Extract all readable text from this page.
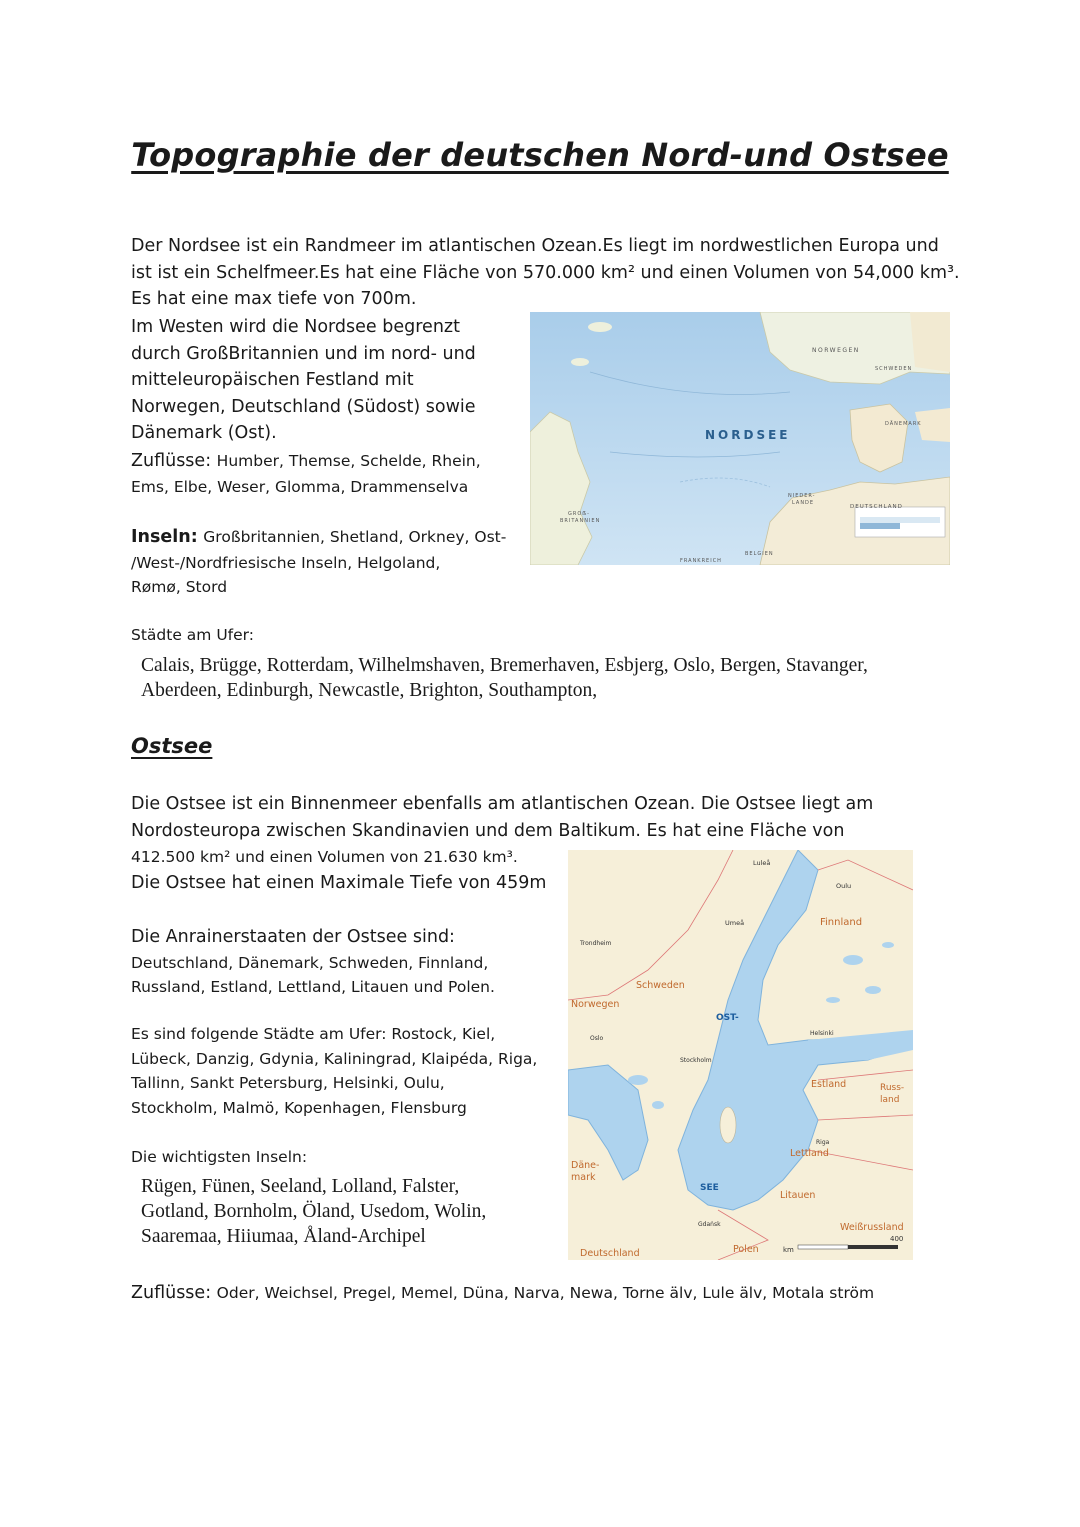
Topographie der deutschen Nord-und Ostsee
Der Nordsee ist ein Randmeer im atlantischen Ozean.Es liegt im nordwestlichen Europa und
ist ist ein Schelfmeer.Es hat eine Fläche von 570.000 km² und einen Volumen von 54,000 km³.
Es hat eine max tiefe von 700m.
Im Westen wird die Nordsee begrenzt
durch GroßBritannien und im nord- und
mitteleuropäischen Festland mit
Norwegen, Deutschland (Südost) sowie
Dänemark (Ost).
Zuflüsse: Humber, Themse, Schelde, Rhein,
Ems, Elbe, Weser, Glomma, Drammenselva
Inseln: Großbritannien, Shetland, Orkney, Ost-
/West-/Nordfriesische Inseln, Helgoland,
Rømø, Stord
Städte am Ufer:
Calais, Brügge, Rotterdam, Wilhelmshaven, Bremerhaven, Esbjerg, Oslo, Bergen, Stavanger,
Aberdeen, Edinburgh, Newcastle, Brighton, Southampton,
NORDSEE
NORWEGEN
SCHWEDEN
DÄNEMARK
DEUTSCHLAND
NIEDER-
LANDE
BELGIEN
FRANKREICH
GROẞ-
BRITANNIEN
Ostsee
Die Ostsee ist ein Binnenmeer ebenfalls am atlantischen Ozean. Die Ostsee liegt am
Nordosteuropa zwischen Skandinavien und dem Baltikum. Es hat eine Fläche von
412.500 km² und einen Volumen von 21.630 km³.
Die Ostsee hat einen Maximale Tiefe von 459m
Die Anrainerstaaten der Ostsee sind:
Deutschland, Dänemark, Schweden, Finnland,
Russland, Estland, Lettland, Litauen und Polen.
Es sind folgende Städte am Ufer: Rostock, Kiel,
Lübeck, Danzig, Gdynia, Kaliningrad, Klaipéda, Riga,
Tallinn, Sankt Petersburg, Helsinki, Oulu,
Stockholm, Malmö, Kopenhagen, Flensburg
Die wichtigsten Inseln:
Rügen, Fünen, Seeland, Lolland, Falster,
Gotland, Bornholm, Öland, Usedom, Wolin,
Saaremaa, Hiiumaa, Åland-Archipel
Finnland
Schweden
Norwegen
Estland
Lettland
Litauen
Polen
Deutschland
Däne-
mark
Weißrussland
Russ-
land
OST-
SEE
Luleå
Oulu
Umeå
Helsinki
Stockholm
Riga
Gdańsk
Oslo
Trondheim
km
400
Zuflüsse: Oder, Weichsel, Pregel, Memel, Düna, Narva, Newa, Torne älv, Lule älv, Motala ström
